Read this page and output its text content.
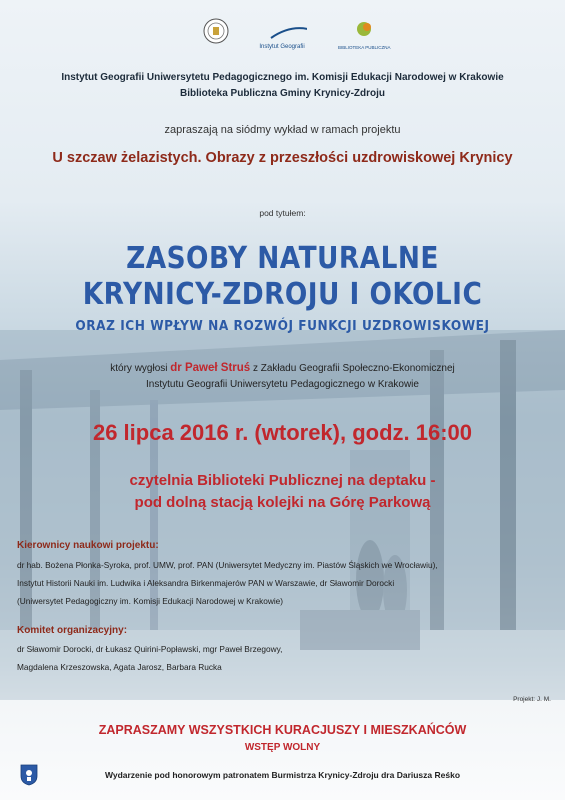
Instytut Geografii	BIBLIOTEKA PUBLICZNA
Instytut Geografii Uniwersytetu Pedagogicznego im. Komisji Edukacji Narodowej w Krakowie
Biblioteka Publiczna Gminy Krynicy-Zdroju
zapraszają na siódmy wykład w ramach projektu
U szczaw żelazistych. Obrazy z przeszłości uzdrowiskowej Krynicy
pod tytułem:
ZASOBY NATURALNE
KRYNICY-ZDROJU I OKOLIC
ORAZ ICH WPŁYW NA ROZWÓJ FUNKCJI UZDROWISKOWEJ
który wygłosi dr Paweł Struś z Zakładu Geografii Społeczno-Ekonomicznej
Instytutu Geografii Uniwersytetu Pedagogicznego w Krakowie
26 lipca 2016 r. (wtorek), godz. 16:00
czytelnia Biblioteki Publicznej na deptaku -
pod dolną stacją kolejki na Górę Parkową
Kierownicy naukowi projektu:
dr hab. Bożena Płonka-Syroka, prof. UMW, prof. PAN (Uniwersytet Medyczny im. Piastów Śląskich we Wrocławiu),
Instytut Historii Nauki im. Ludwika i Aleksandra Birkenmajerów PAN w Warszawie, dr Sławomir Dorocki
(Uniwersytet Pedagogiczny im. Komisji Edukacji Narodowej w Krakowie)
Komitet organizacyjny:
dr Sławomir Dorocki, dr Łukasz Quirini-Popławski, mgr Paweł Brzegowy,
Magdalena Krzeszowska, Agata Jarosz, Barbara Rucka
Projekt: J. M.
ZAPRASZAMY WSZYSTKICH KURACJUSZY I MIESZKAŃCÓW
WSTĘP WOLNY
Wydarzenie pod honorowym patronatem Burmistrza Krynicy-Zdroju dra Dariusza Reśko
